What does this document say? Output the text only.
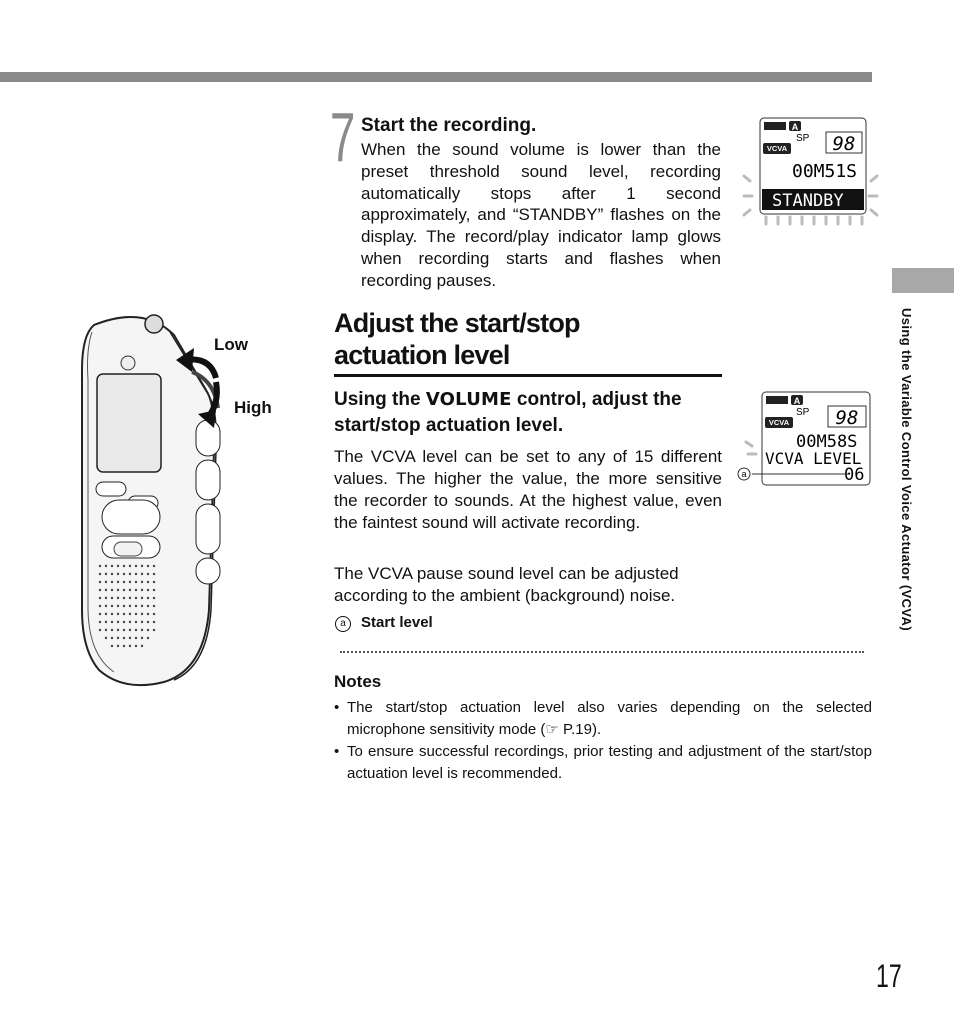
Using the Variable Control Voice Actuator (VCVA)
7 Start the recording.
When the sound volume is lower than the preset threshold sound level, recording automatically stops after 1 second approximately, and “STANDBY” flashes on the display. The record/play indicator lamp glows when recording starts and flashes when recording pauses.
A
SP
VCVA 98
00M51S
STANDBY
Adjust the start/stop
actuation level
Using the VOLUME control, adjust the start/stop actuation level.
The VCVA level can be set to any of 15 different values. The higher the value, the more sensitive the recorder to sounds. At the highest value, even the faintest sound will activate recording.
The VCVA pause sound level can be adjusted according to the ambient (background) noise.
a Start level
A
SP
VCVA 98
00M58S
VCVA LEVEL
06
a
Low
High
Notes
• The start/stop actuation level also varies depending on the selected microphone sensitivity mode (☞ P.19).
• To ensure successful recordings, prior testing and adjustment of the start/stop actuation level is recommended.
17
